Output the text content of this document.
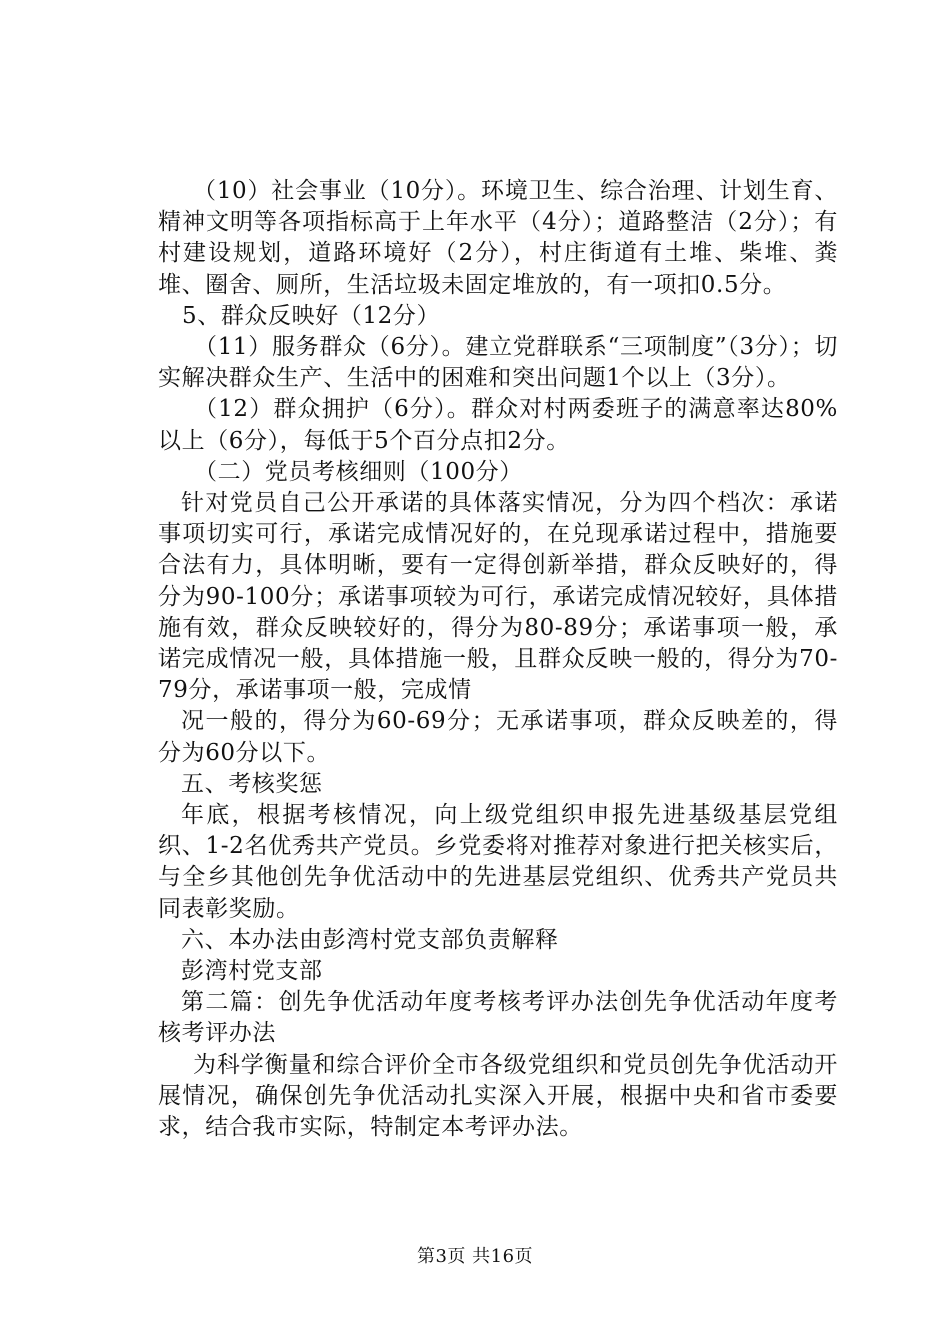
（10）社会事业（10分）。环境卫生、综合治理、计划生育、精神文明等各项指标高于上年水平（4分）；道路整洁（2分）；有村建设规划，道路环境好（2分），村庄街道有土堆、柴堆、粪堆、圈舍、厕所，生活垃圾未固定堆放的，有一项扣0.5分。

5、群众反映好（12分）

（11）服务群众（6分）。建立党群联系“三项制度”（3分）；切实解决群众生产、生活中的困难和突出问题1个以上（3分）。

（12）群众拥护（6分）。群众对村两委班子的满意率达80%以上（6分），每低于5个百分点扣2分。

（二）党员考核细则（100分）

针对党员自己公开承诺的具体落实情况，分为四个档次：承诺事项切实可行，承诺完成情况好的，在兑现承诺过程中，措施要合法有力，具体明晰，要有一定得创新举措，群众反映好的，得分为90-100分；承诺事项较为可行，承诺完成情况较好，具体措施有效，群众反映较好的，得分为80-89分；承诺事项一般，承诺完成情况一般，具体措施一般，且群众反映一般的，得分为70-79分，承诺事项一般，完成情

况一般的，得分为60-69分；无承诺事项，群众反映差的，得分为60分以下。

五、考核奖惩

年底，根据考核情况，向上级党组织申报先进基级基层党组织、1-2名优秀共产党员。乡党委将对推荐对象进行把关核实后，与全乡其他创先争优活动中的先进基层党组织、优秀共产党员共同表彰奖励。

六、本办法由彭湾村党支部负责解释

彭湾村党支部

第二篇：创先争优活动年度考核考评办法创先争优活动年度考核考评办法

为科学衡量和综合评价全市各级党组织和党员创先争优活动开展情况，确保创先争优活动扎实深入开展，根据中央和省市委要求，结合我市实际，特制定本考评办法。

第3页 共16页
